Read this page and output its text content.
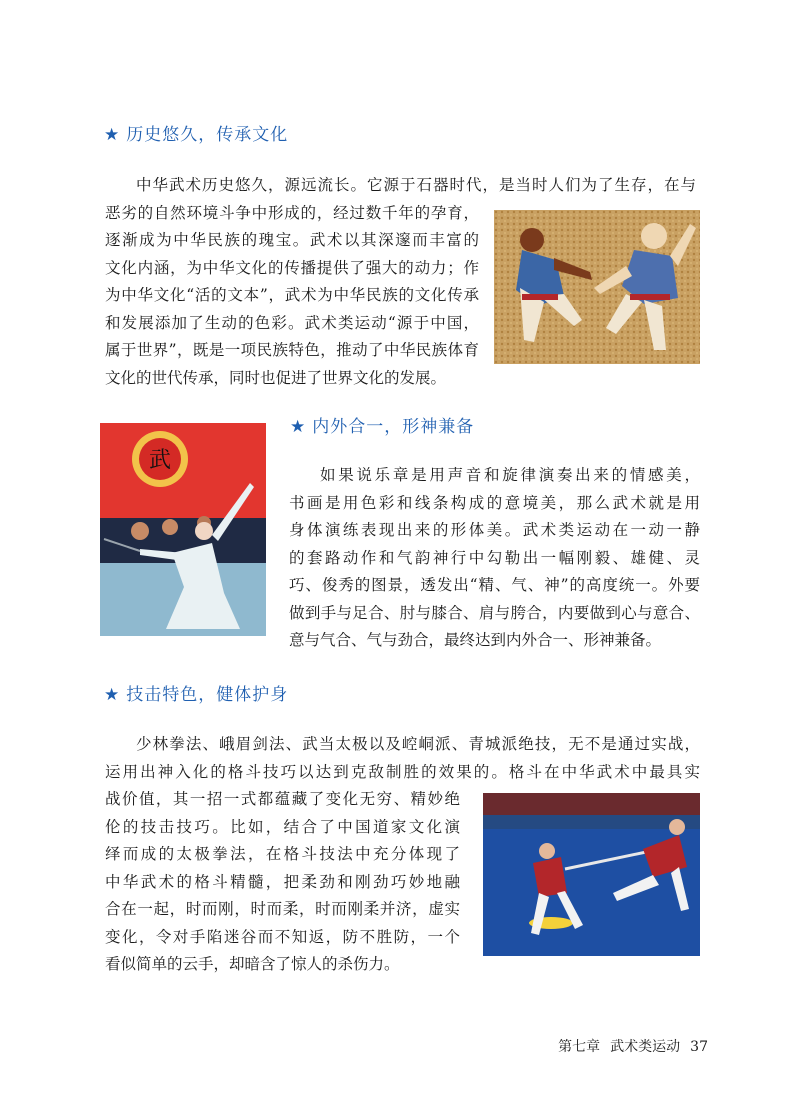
★ 历史悠久，传承文化

中华武术历史悠久，源远流长。它源于石器时代，是当时人们为了生存，在与

恶劣的自然环境斗争中形成的，经过数千年的孕育，

逐渐成为中华民族的瑰宝。武术以其深邃而丰富的

文化内涵，为中华文化的传播提供了强大的动力；作

为中华文化“活的文本”，武术为中华民族的文化传承

和发展添加了生动的色彩。武术类运动“源于中国，

属于世界”，既是一项民族特色，推动了中华民族体育

文化的世代传承，同时也促进了世界文化的发展。

武
★ 内外合一，形神兼备

如果说乐章是用声音和旋律演奏出来的情感美，

书画是用色彩和线条构成的意境美，那么武术就是用

身体演练表现出来的形体美。武术类运动在一动一静

的套路动作和气韵神行中勾勒出一幅刚毅、雄健、灵

巧、俊秀的图景，透发出“精、气、神”的高度统一。外要

做到手与足合、肘与膝合、肩与胯合，内要做到心与意合、

意与气合、气与劲合，最终达到内外合一、形神兼备。

★ 技击特色，健体护身

少林拳法、峨眉剑法、武当太极以及崆峒派、青城派绝技，无不是通过实战，

运用出神入化的格斗技巧以达到克敌制胜的效果的。格斗在中华武术中最具实

战价值，其一招一式都蕴藏了变化无穷、精妙绝

伦的技击技巧。比如，结合了中国道家文化演

绎而成的太极拳法，在格斗技法中充分体现了

中华武术的格斗精髓，把柔劲和刚劲巧妙地融

合在一起，时而刚，时而柔，时而刚柔并济，虚实

变化，令对手陷迷谷而不知返，防不胜防，一个

看似简单的云手，却暗含了惊人的杀伤力。

第七章 武术类运动 37
